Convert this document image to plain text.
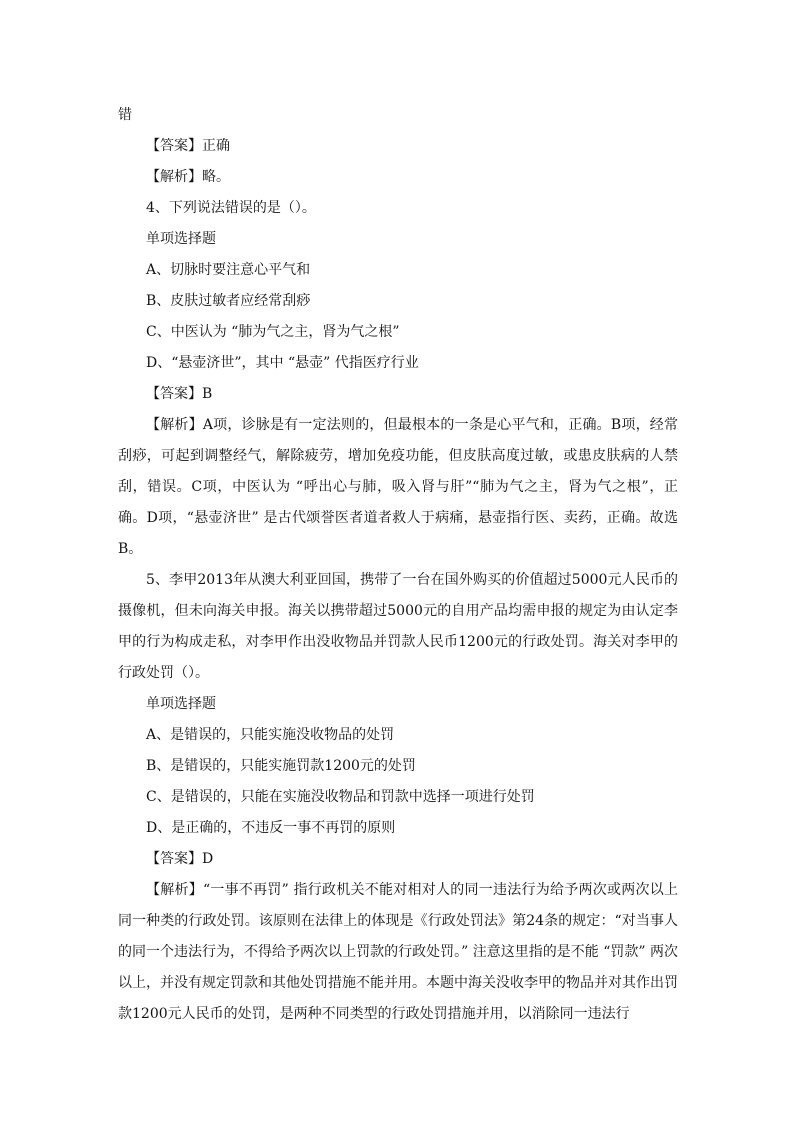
错
【答案】正确
【解析】略。
4、下列说法错误的是（）。
单项选择题
A、切脉时要注意心平气和
B、皮肤过敏者应经常刮痧
C、中医认为 “肺为气之主，肾为气之根”
D、“悬壶济世”，其中 “悬壶” 代指医疗行业
【答案】B
【解析】A项，诊脉是有一定法则的，但最根本的一条是心平气和，正确。B项，经常刮痧，可起到调整经气，解除疲劳，增加免疫功能，但皮肤高度过敏，或患皮肤病的人禁刮，错误。C项，中医认为 “呼出心与肺，吸入肾与肝”“肺为气之主，肾为气之根”，正确。D项，“悬壶济世” 是古代颂誉医者道者救人于病痛，悬壶指行医、卖药，正确。故选B。
5、李甲2013年从澳大利亚回国，携带了一台在国外购买的价值超过5000元人民币的摄像机，但未向海关申报。海关以携带超过5000元的自用产品均需申报的规定为由认定李甲的行为构成走私，对李甲作出没收物品并罚款人民币1200元的行政处罚。海关对李甲的行政处罚（）。
单项选择题
A、是错误的，只能实施没收物品的处罚
B、是错误的，只能实施罚款1200元的处罚
C、是错误的，只能在实施没收物品和罚款中选择一项进行处罚
D、是正确的，不违反一事不再罚的原则
【答案】D
【解析】“一事不再罚” 指行政机关不能对相对人的同一违法行为给予两次或两次以上同一种类的行政处罚。该原则在法律上的体现是《行政处罚法》第24条的规定：“对当事人的同一个违法行为，不得给予两次以上罚款的行政处罚。” 注意这里指的是不能 “罚款” 两次以上，并没有规定罚款和其他处罚措施不能并用。本题中海关没收李甲的物品并对其作出罚款1200元人民币的处罚，是两种不同类型的行政处罚措施并用，以消除同一违法行
